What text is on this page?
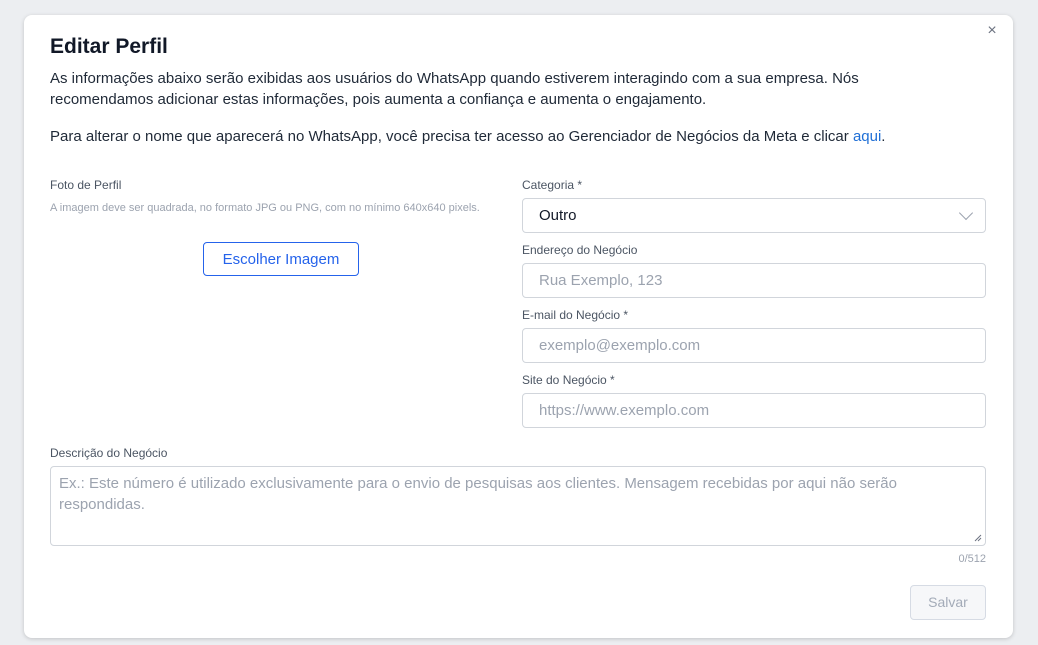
×
Editar Perfil
As informações abaixo serão exibidas aos usuários do WhatsApp quando estiverem interagindo com a sua empresa. Nós recomendamos adicionar estas informações, pois aumenta a confiança e aumenta o engajamento.
Para alterar o nome que aparecerá no WhatsApp, você precisa ter acesso ao Gerenciador de Negócios da Meta e clicar aqui.
Foto de Perfil
A imagem deve ser quadrada, no formato JPG ou PNG, com no mínimo 640x640 pixels.
Escolher Imagem
Categoria *
Outro
Endereço do Negócio
Rua Exemplo, 123
E-mail do Negócio *
exemplo@exemplo.com
Site do Negócio *
https://www.exemplo.com
Descrição do Negócio
Ex.: Este número é utilizado exclusivamente para o envio de pesquisas aos clientes. Mensagem recebidas por aqui não serão respondidas.
0/512
Salvar
